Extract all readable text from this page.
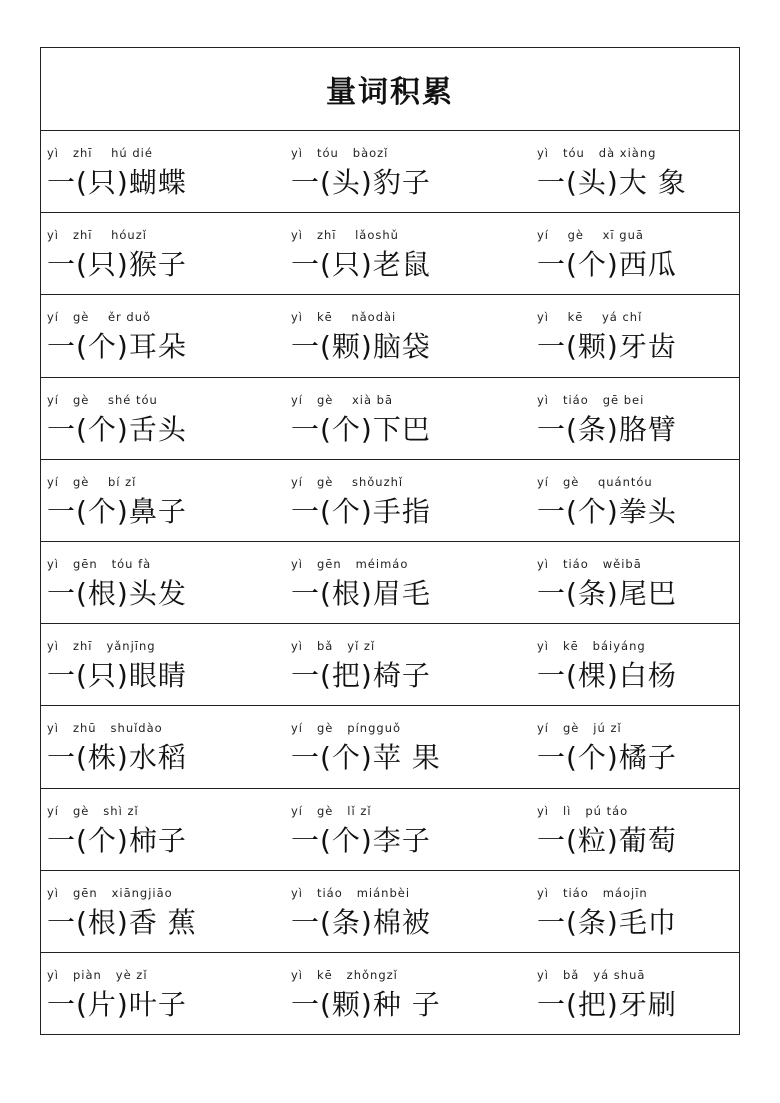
量词积累
yì   zhī    hú dié
一(只)蝴蝶
yì   tóu   bàozǐ
一(头)豹子
yì   tóu   dà xiàng
一(头)大 象
yì   zhī    hóuzǐ
一(只)猴子
yì   zhī    lǎoshǔ
一(只)老鼠
yí    gè    xī guā
一(个)西瓜
yí   gè    ěr duǒ
一(个)耳朵
yì   kē    nǎodài
一(颗)脑袋
yì    kē    yá chǐ
一(颗)牙齿
yí   gè    shé tóu
一(个)舌头
yí   gè    xià bā
一(个)下巴
yì   tiáo   gē bei
一(条)胳臂
yí   gè    bí zǐ
一(个)鼻子
yí   gè    shǒuzhǐ
一(个)手指
yí   gè    quántóu
一(个)拳头
yì   gēn   tóu fà
一(根)头发
yì   gēn   méimáo
一(根)眉毛
yì   tiáo   wěibā
一(条)尾巴
yì   zhī   yǎnjīng
一(只)眼睛
yì   bǎ   yǐ zǐ
一(把)椅子
yì   kē   báiyáng
一(棵)白杨
yì   zhū   shuǐdào
一(株)水稻
yí   gè   píngguǒ
一(个)苹 果
yí   gè   jú zǐ
一(个)橘子
yí   gè   shì zǐ
一(个)柿子
yí   gè   lǐ zǐ
一(个)李子
yì   lì   pú táo
一(粒)葡萄
yì   gēn   xiāngjiāo
一(根)香 蕉
yì   tiáo   miánbèi
一(条)棉被
yì   tiáo   máojīn
一(条)毛巾
yì   piàn   yè zǐ
一(片)叶子
yì   kē   zhǒngzǐ
一(颗)种 子
yì   bǎ   yá shuā
一(把)牙刷
